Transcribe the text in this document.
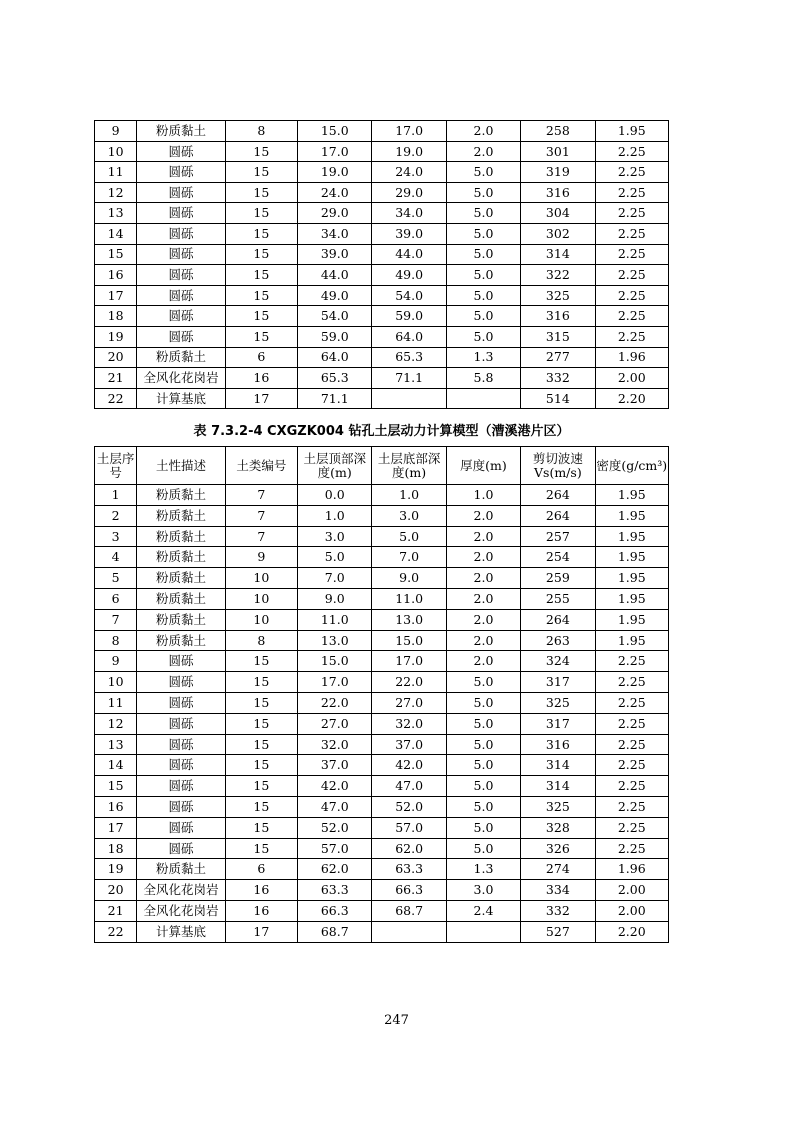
9	粉质黏土	8	15.0	17.0	2.0	258	1.95
10	圆砾	15	17.0	19.0	2.0	301	2.25
11	圆砾	15	19.0	24.0	5.0	319	2.25
12	圆砾	15	24.0	29.0	5.0	316	2.25
13	圆砾	15	29.0	34.0	5.0	304	2.25
14	圆砾	15	34.0	39.0	5.0	302	2.25
15	圆砾	15	39.0	44.0	5.0	314	2.25
16	圆砾	15	44.0	49.0	5.0	322	2.25
17	圆砾	15	49.0	54.0	5.0	325	2.25
18	圆砾	15	54.0	59.0	5.0	316	2.25
19	圆砾	15	59.0	64.0	5.0	315	2.25
20	粉质黏土	6	64.0	65.3	1.3	277	1.96
21	全风化花岗岩	16	65.3	71.1	5.8	332	2.00
22	计算基底	17	71.1			514	2.20
表 7.3.2-4 CXGZK004 钻孔土层动力计算模型（漕溪港片区）
土层序号	土性描述	土类编号	土层顶部深度(m)	土层底部深度(m)	厚度(m)	剪切波速Vs(m/s)	密度(g/cm³)
1	粉质黏土	7	0.0	1.0	1.0	264	1.95
2	粉质黏土	7	1.0	3.0	2.0	264	1.95
3	粉质黏土	7	3.0	5.0	2.0	257	1.95
4	粉质黏土	9	5.0	7.0	2.0	254	1.95
5	粉质黏土	10	7.0	9.0	2.0	259	1.95
6	粉质黏土	10	9.0	11.0	2.0	255	1.95
7	粉质黏土	10	11.0	13.0	2.0	264	1.95
8	粉质黏土	8	13.0	15.0	2.0	263	1.95
9	圆砾	15	15.0	17.0	2.0	324	2.25
10	圆砾	15	17.0	22.0	5.0	317	2.25
11	圆砾	15	22.0	27.0	5.0	325	2.25
12	圆砾	15	27.0	32.0	5.0	317	2.25
13	圆砾	15	32.0	37.0	5.0	316	2.25
14	圆砾	15	37.0	42.0	5.0	314	2.25
15	圆砾	15	42.0	47.0	5.0	314	2.25
16	圆砾	15	47.0	52.0	5.0	325	2.25
17	圆砾	15	52.0	57.0	5.0	328	2.25
18	圆砾	15	57.0	62.0	5.0	326	2.25
19	粉质黏土	6	62.0	63.3	1.3	274	1.96
20	全风化花岗岩	16	63.3	66.3	3.0	334	2.00
21	全风化花岗岩	16	66.3	68.7	2.4	332	2.00
22	计算基底	17	68.7			527	2.20
247
